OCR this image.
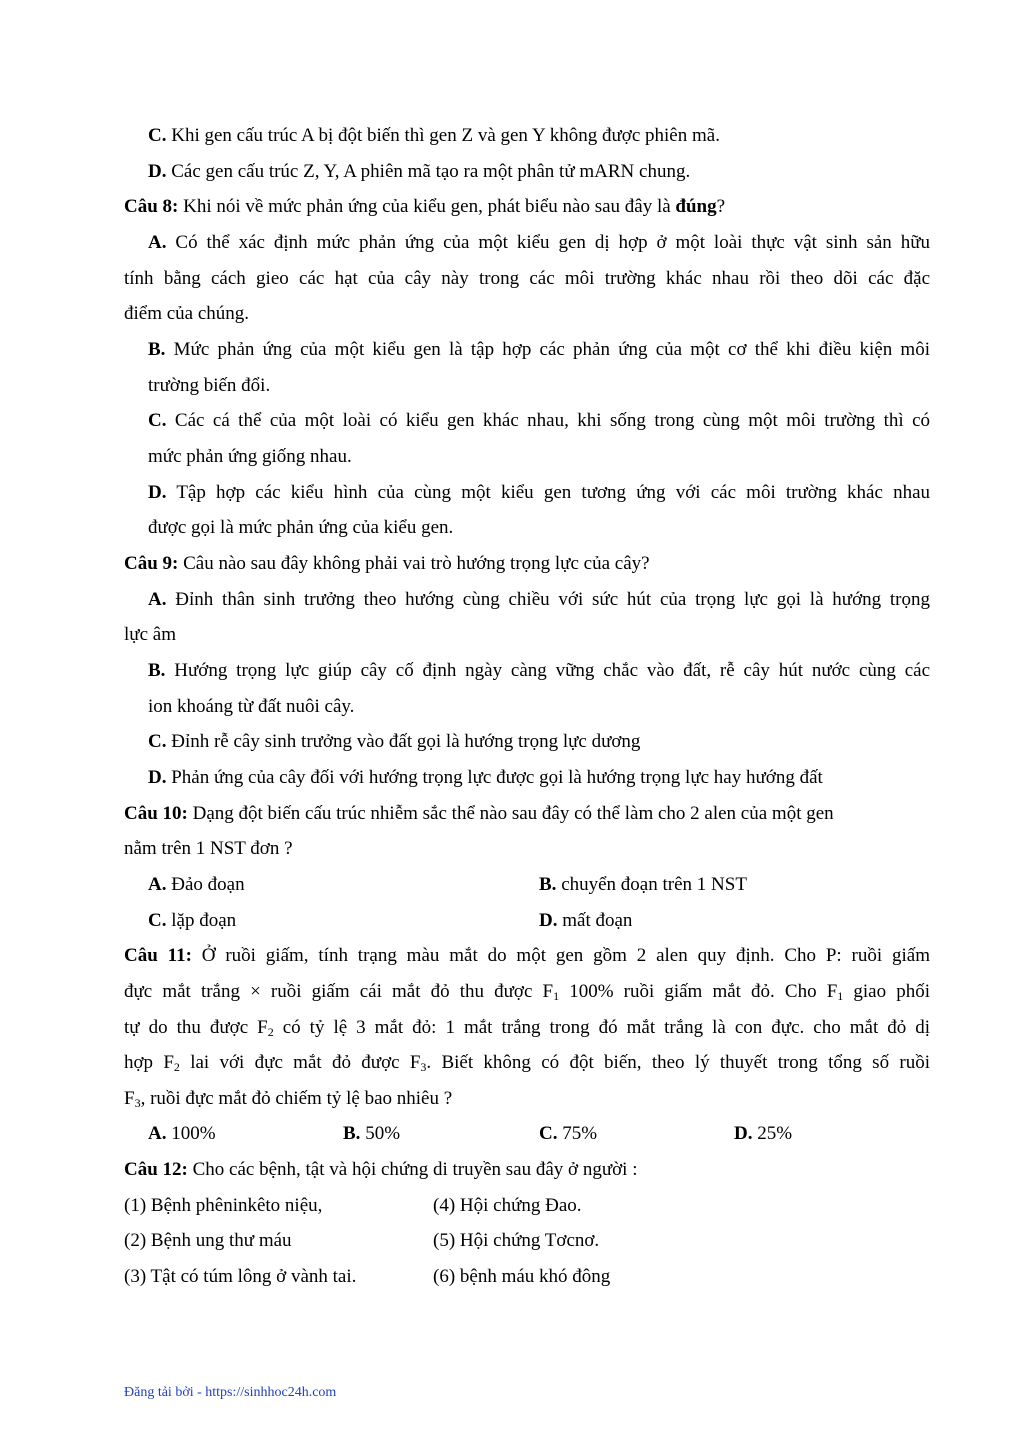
C. Khi gen cấu trúc A bị đột biến thì gen Z và gen Y không được phiên mã.
D. Các gen cấu trúc Z, Y, A phiên mã tạo ra một phân tử mARN chung.
Câu 8: Khi nói về mức phản ứng của kiểu gen, phát biểu nào sau đây là đúng?
A. Có thể xác định mức phản ứng của một kiểu gen dị hợp ở một loài thực vật sinh sản hữu
tính bằng cách gieo các hạt của cây này trong các môi trường khác nhau rồi theo dõi các đặc
điểm của chúng.
B. Mức phản ứng của một kiểu gen là tập hợp các phản ứng của một cơ thể khi điều kiện môi
trường biến đổi.
C. Các cá thể của một loài có kiểu gen khác nhau, khi sống trong cùng một môi trường thì có
mức phản ứng giống nhau.
D. Tập hợp các kiểu hình của cùng một kiểu gen tương ứng với các môi trường khác nhau
được gọi là mức phản ứng của kiểu gen.
Câu 9: Câu nào sau đây không phải vai trò hướng trọng lực của cây?
A. Đỉnh thân sinh trưởng theo hướng cùng chiều với sức hút của trọng lực gọi là hướng trọng
lực âm
B. Hướng trọng lực giúp cây cố định ngày càng vững chắc vào đất, rễ cây hút nước cùng các
ion khoáng từ đất nuôi cây.
C. Đỉnh rễ cây sinh trưởng vào đất gọi là hướng trọng lực dương
D. Phản ứng của cây đối với hướng trọng lực được gọi là hướng trọng lực hay hướng đất
Câu 10: Dạng đột biến cấu trúc nhiễm sắc thể nào sau đây có thể làm cho 2 alen của một gen
nằm trên 1 NST đơn ?
A. Đảo đoạn	B. chuyển đoạn trên 1 NST
C. lặp đoạn	D. mất đoạn
Câu 11: Ở ruồi giấm, tính trạng màu mắt do một gen gồm 2 alen quy định. Cho P: ruồi giấm
đực mắt trắng × ruồi giấm cái mắt đỏ thu được $F_1$ 100% ruồi giấm mắt đỏ. Cho $F_1$ giao phối
tự do thu được $F_2$ có tỷ lệ 3 mắt đỏ: 1 mắt trắng trong đó mắt trắng là con đực. cho mắt đỏ dị
hợp $F_2$ lai với đực mắt đỏ được $F_3$. Biết không có đột biến, theo lý thuyết trong tổng số ruồi
$F_3$, ruồi đực mắt đỏ chiếm tỷ lệ bao nhiêu ?
A. 100%	B. 50%	C. 75%	D. 25%
Câu 12: Cho các bệnh, tật và hội chứng di truyền sau đây ở người :
(1) Bệnh phêninkêto niệu,	(4) Hội chứng Đao.
(2) Bệnh ung thư máu	(5) Hội chứng Tơcnơ.
(3) Tật có túm lông ở vành tai.	(6) bệnh máu khó đông
Đăng tải bởi - https://sinhhoc24h.com
